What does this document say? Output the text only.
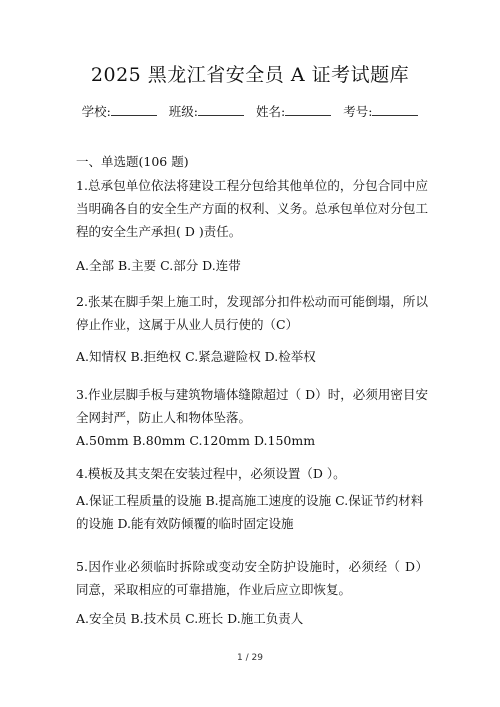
2025 黑龙江省安全员 A 证考试题库
学校:	班级:	姓名:	考号:
一、单选题(106 题)
1.总承包单位依法将建设工程分包给其他单位的，分包合同中应当明确各自的安全生产方面的权利、义务。总承包单位对分包工程的安全生产承担( D )责任。
A.全部 B.主要 C.部分 D.连带
2.张某在脚手架上施工时，发现部分扣件松动而可能倒塌，所以停止作业，这属于从业人员行使的（C）
A.知情权 B.拒绝权 C.紧急避险权 D.检举权
3.作业层脚手板与建筑物墙体缝隙超过（ D）时，必须用密目安全网封严，防止人和物体坠落。
A.50mm B.80mm C.120mm D.150mm
4.模板及其支架在安装过程中，必须设置（D ）。
A.保证工程质量的设施 B.提高施工速度的设施 C.保证节约材料的设施 D.能有效防倾覆的临时固定设施
5.因作业必须临时拆除或变动安全防护设施时，必须经（ D） 同意，采取相应的可靠措施，作业后应立即恢复。
A.安全员 B.技术员 C.班长 D.施工负责人
1 / 29
